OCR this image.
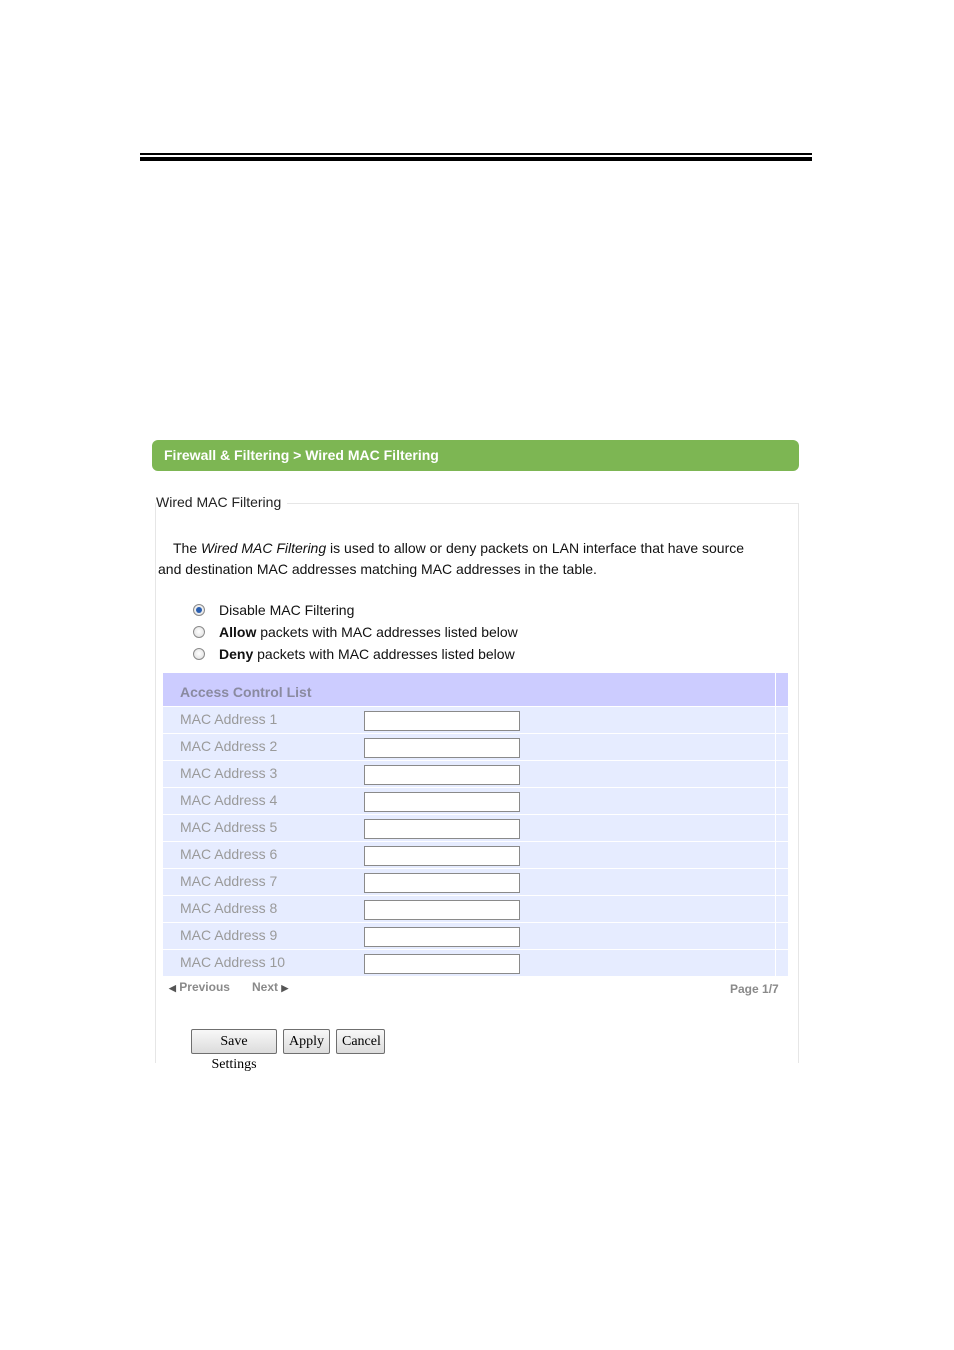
Firewall & Filtering > Wired MAC Filtering
Wired MAC Filtering
The Wired MAC Filtering is used to allow or deny packets on LAN interface that have source
and destination MAC addresses matching MAC addresses in the table.
Disable MAC Filtering
Allow packets with MAC addresses listed below
Deny packets with MAC addresses listed below
Access Control List
MAC Address 1
MAC Address 2
MAC Address 3
MAC Address 4
MAC Address 5
MAC Address 6
MAC Address 7
MAC Address 8
MAC Address 9
MAC Address 10
◀ Previous Next ▶	Page 1/7
Save Settings
Apply	Cancel
